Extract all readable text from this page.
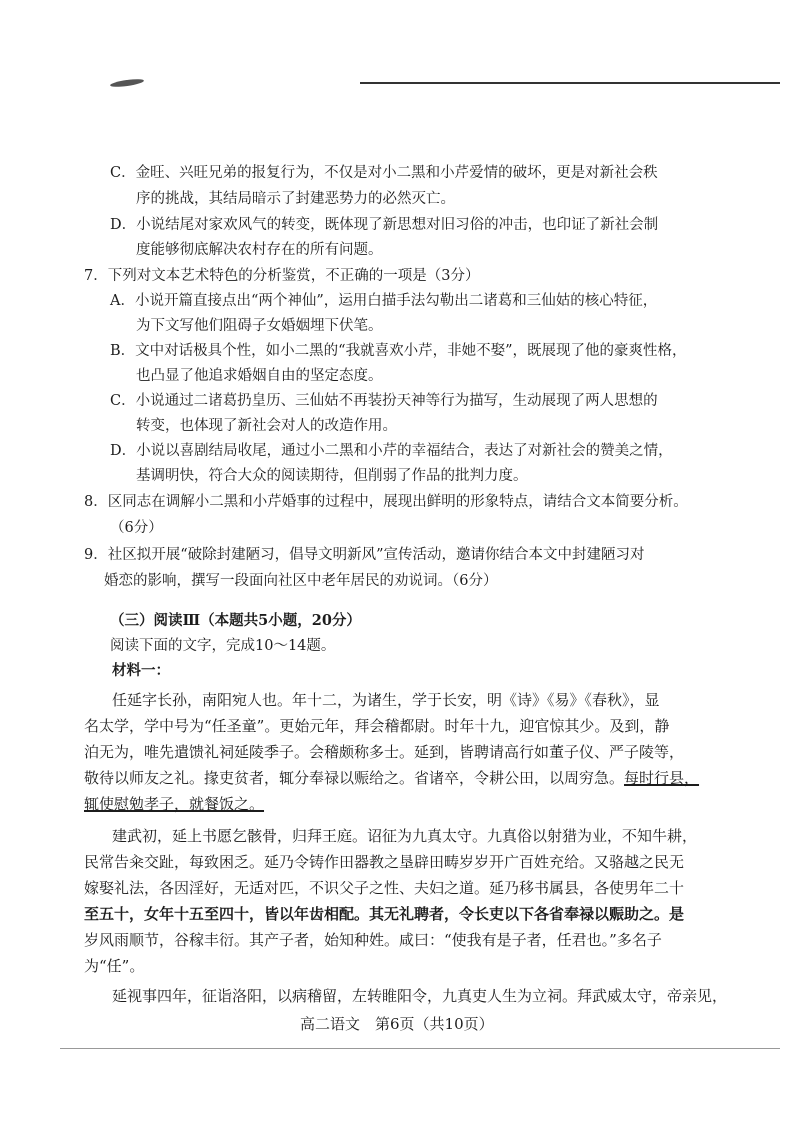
C．金旺、兴旺兄弟的报复行为，不仅是对小二黑和小芹爱情的破坏，更是对新社会秩
序的挑战，其结局暗示了封建恶势力的必然灭亡。
D．小说结尾对家欢风气的转变，既体现了新思想对旧习俗的冲击，也印证了新社会制
度能够彻底解决农村存在的所有问题。
7．下列对文本艺术特色的分析鉴赏，不正确的一项是（3分）
A．小说开篇直接点出“两个神仙”，运用白描手法勾勒出二诸葛和三仙姑的核心特征，
为下文写他们阻碍子女婚姻埋下伏笔。
B．文中对话极具个性，如小二黑的“我就喜欢小芹，非她不娶”，既展现了他的豪爽性格，
也凸显了他追求婚姻自由的坚定态度。
C．小说通过二诸葛扔皇历、三仙姑不再装扮天神等行为描写，生动展现了两人思想的
转变，也体现了新社会对人的改造作用。
D．小说以喜剧结局收尾，通过小二黑和小芹的幸福结合，表达了对新社会的赞美之情，
基调明快，符合大众的阅读期待，但削弱了作品的批判力度。
8．区同志在调解小二黑和小芹婚事的过程中，展现出鲜明的形象特点，请结合文本简要分析。
（6分）
9．社区拟开展“破除封建陋习，倡导文明新风”宣传活动，邀请你结合本文中封建陋习对
婚恋的影响，撰写一段面向社区中老年居民的劝说词。（6分）
（三）阅读Ⅲ（本题共5小题，20分）
阅读下面的文字，完成10～14题。
材料一：
任延字长孙，南阳宛人也。年十二，为诸生，学于长安，明《诗》《易》《春秋》，显
名太学，学中号为“任圣童”。更始元年，拜会稽都尉。时年十九，迎官惊其少。及到，静
泊无为，唯先遣馈礼祠延陵季子。会稽颇称多士。延到，皆聘请高行如董子仪、严子陵等，
敬待以师友之礼。掾吏贫者，辄分奉禄以赈给之。省诸卒，令耕公田，以周穷急。每时行县，
辄使慰勉孝子，就餐饭之。
建武初，延上书愿乞骸骨，归拜王庭。诏征为九真太守。九真俗以射猎为业，不知牛耕，
民常告籴交趾，每致困乏。延乃令铸作田器教之垦辟田畴岁岁开广百姓充给。又骆越之民无
嫁娶礼法，各因淫好，无适对匹，不识父子之性、夫妇之道。延乃移书属县，各使男年二十
至五十，女年十五至四十，皆以年齿相配。其无礼聘者，令长吏以下各省奉禄以赈助之。是
岁风雨顺节，谷稼丰衍。其产子者，始知种姓。咸曰：“使我有是子者，任君也。”多名子
为“任”。
延视事四年，征诣洛阳，以病稽留，左转睢阳令，九真吏人生为立祠。拜武威太守，帝亲见，
高二语文　第6页（共10页）
